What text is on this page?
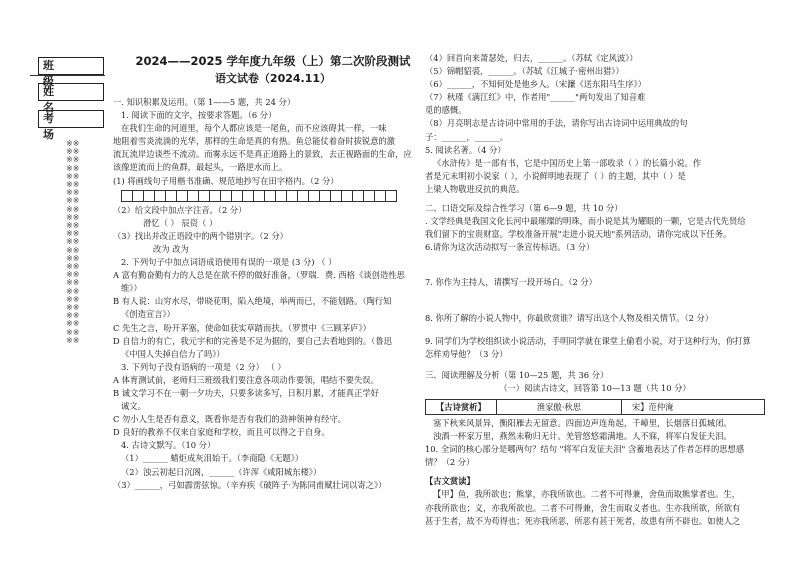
班 级
姓 名
考 场
※※※※※※※※※※※※※※※※※※※※※※※※※※※※※※※※※※※※※※※※※※※※※※※※※※
2024——2025 学年度九年级（上）第二次阶段测试
语文试卷（2024.11）

一. 知识积累及运用。（第 1——5 题，共 24 分）

1. 阅读下面的文字，按要求答题。（6 分）

在我们生命的河道里，每个人都应该是一尾鱼，而不应该碍其一样，一味

地阻着雪炎流淌的光华，那样的生命是真的有热。鱼总能仗着奋时拔锐意的激

流瓦流岸边谈些不流动。而雾永远不是真正道路上的景致，去正视路面的生命，应

该像逆流而上的鱼群，最起头，一路逆水而上。

(1) 将画线句子用楷书准确、规范地抄写在田字格内。（2 分）

（2）给文段中加点字注音。（2 分）

滑忆（ ） 辰资（ ）

（3）找出并改正语段中的两个错别字。（2 分）

改为 改为

2. 下列句子中加点词语成语使用有误的一项是 (3 分) （ ）

A 富有勤奋勤有力的人总是在欲不停的做好准备，（罗瑞．费. 西格《谈创造性思

维》）

B 有人说：山穷水尽，带晓花明，陷入绝境，举两而已，不能划路。（陶行知

《创造宣言》）

C 先生之言，吩开茅塞，使命如获实草踏而扶。（罗贯中《三顾茅庐》）

D 自信力的有亡，我元宇和的完善是不足为据的，要自己去看地到的。（鲁迅

《中国人失掉自信力了吗》）

3. 下列句子没有语病的一项是（2 分） （ ）

A 体育测试前，老师归三班级我们要注意各项动作要领，唱结不要失误。

B 诚文学习不在一朝一夕功夫，只要多读多写，日积月累，才能真正学好

诚文。

C 勿小人生是否有意义，既看你是否有我们的劲神领神有经守。

D 良好的教养不仅来自家庭和学校，而且可以得之于自身。

4. 古诗文默写。（10 分）

（1）______ 蜡炬成灰泪始干。（李商隐《无题》）

（2）浊云初起日沉阁，______（许浑《咸阳城东楼》）

（3）______，弓如霹雳弦惊。（辛弃疾《破阵子·为陈同甫赋壮词以寄之》）

（4）回首向来萧瑟处，归去，______。（苏轼《定风波》）

（5）锦帽貂裘，______。（苏轼《江城子·密州出猎》）

（6）______，不知何处是他乡人。（宋濂《送东阳马生序》）

（7）秋瑾《满江红》中，作者用"______"两句发出了知音难

觅的感慨。

（8）月亮明志是古诗词中常用的手法，请你写出古诗词中运用典故的句

子：______，______。

5. 阅读名著。（4 分）

《水浒传》是一部有书，它是中国历史上第一部收录（ ）的长篇小说。作

者是元末明初小说家（ ），小说鲜明地表现了（ ）的主题，其中（ ）是

上梁人物敬进反抗的典范。

二、口语交际及综合性学习（第 6—9 题，共 10 分）

. 文学经典是我国文化长河中最璀璨的明珠，而小说是其为耀眼的一颗，它是古代先贤给

我们留下的宝贵财富。学校准备开展"走进小说天地"系列活动，请你完成以下任务。

6.请你为这次活动拟写一条宣传标语。（3 分）

7. 你作为主持人，请撰写一段开场白。（2 分）

8. 你所了解的小说人物中，你最欣赏谁？请写出这个人物及相关情节。（2 分）

9. 同学们为学校组织读小说活动，手明同学就在课堂上偷看小说，对于这种行为，你打算

怎样劝导他？（3 分）

三、阅读理解及分析（第 10—25 题，共 36 分）

（一）阅读古诗文，回答第 10—13 题（共 10 分）

【古诗赏析】	渔家傲·秋思	宋】范仲淹

塞下秋来风景异，衡阳雁去无留意。四面边声连角起，千嶂里，长烟落日孤城闭。

浊酒一杯家万里，燕然未勒归无计。羌管悠悠霜满地。人不寐，将军白发征夫泪。

10. 全词的核心部分是哪两句？结句 "将军白发征夫泪" 含蓄地表达了作者怎样的思想感

情？（2 分）

【古文赏读】

【甲】鱼，我所欲也；熊掌，亦我所欲也。二者不可得兼，舍鱼而取熊掌者也。生，

亦我所欲也；义，亦我所欲也。二者不可得兼，舍生而取义者也。生亦我所欲，所欲有

甚于生者，故不为苟得也；死亦我所恶，所恶有甚于死者，故患有所不辟也。如使人之
